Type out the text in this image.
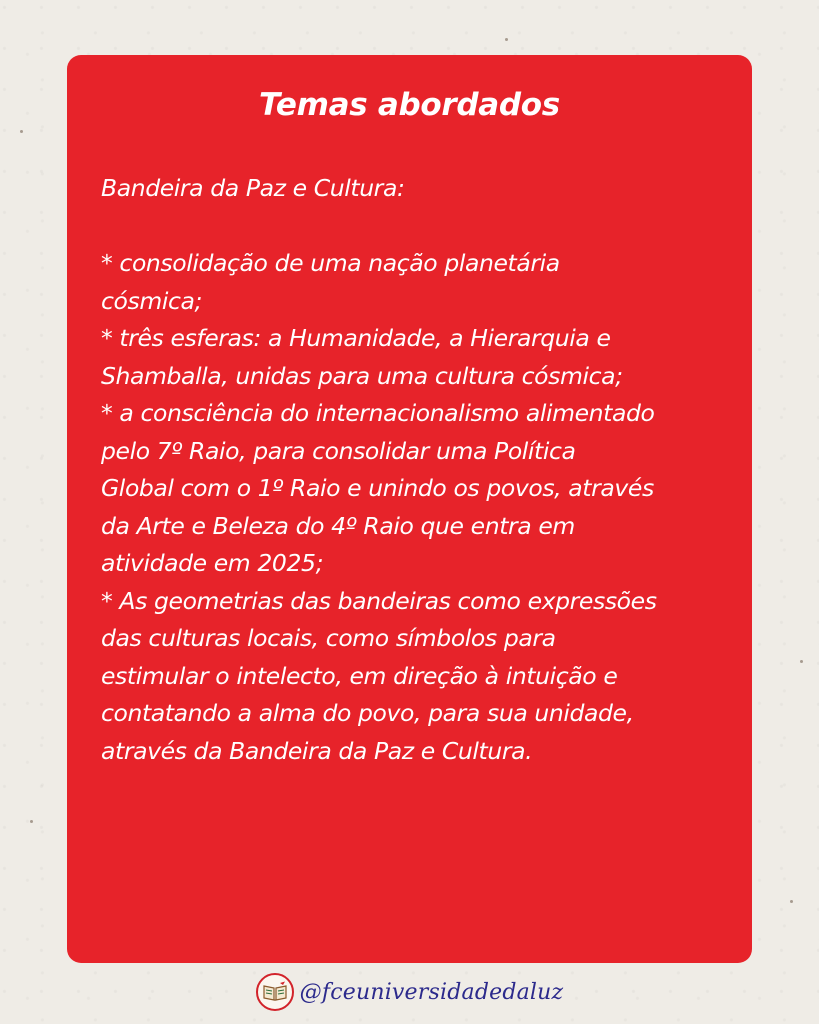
Temas abordados

Bandeira da Paz e Cultura:

* consolidação de uma nação planetária

cósmica;

* três esferas: a Humanidade, a Hierarquia e

Shamballa, unidas para uma cultura cósmica;

* a consciência do internacionalismo alimentado

pelo 7º Raio, para consolidar uma Política

Global com o 1º Raio e unindo os povos, através

da Arte e Beleza do 4º Raio que entra em

atividade em 2025;

* As geometrias das bandeiras como expressões

das culturas locais, como símbolos para

estimular o intelecto, em direção à intuição e

contatando a alma do povo, para sua unidade,

através da Bandeira da Paz e Cultura.

@fceuniversidadedaluz
